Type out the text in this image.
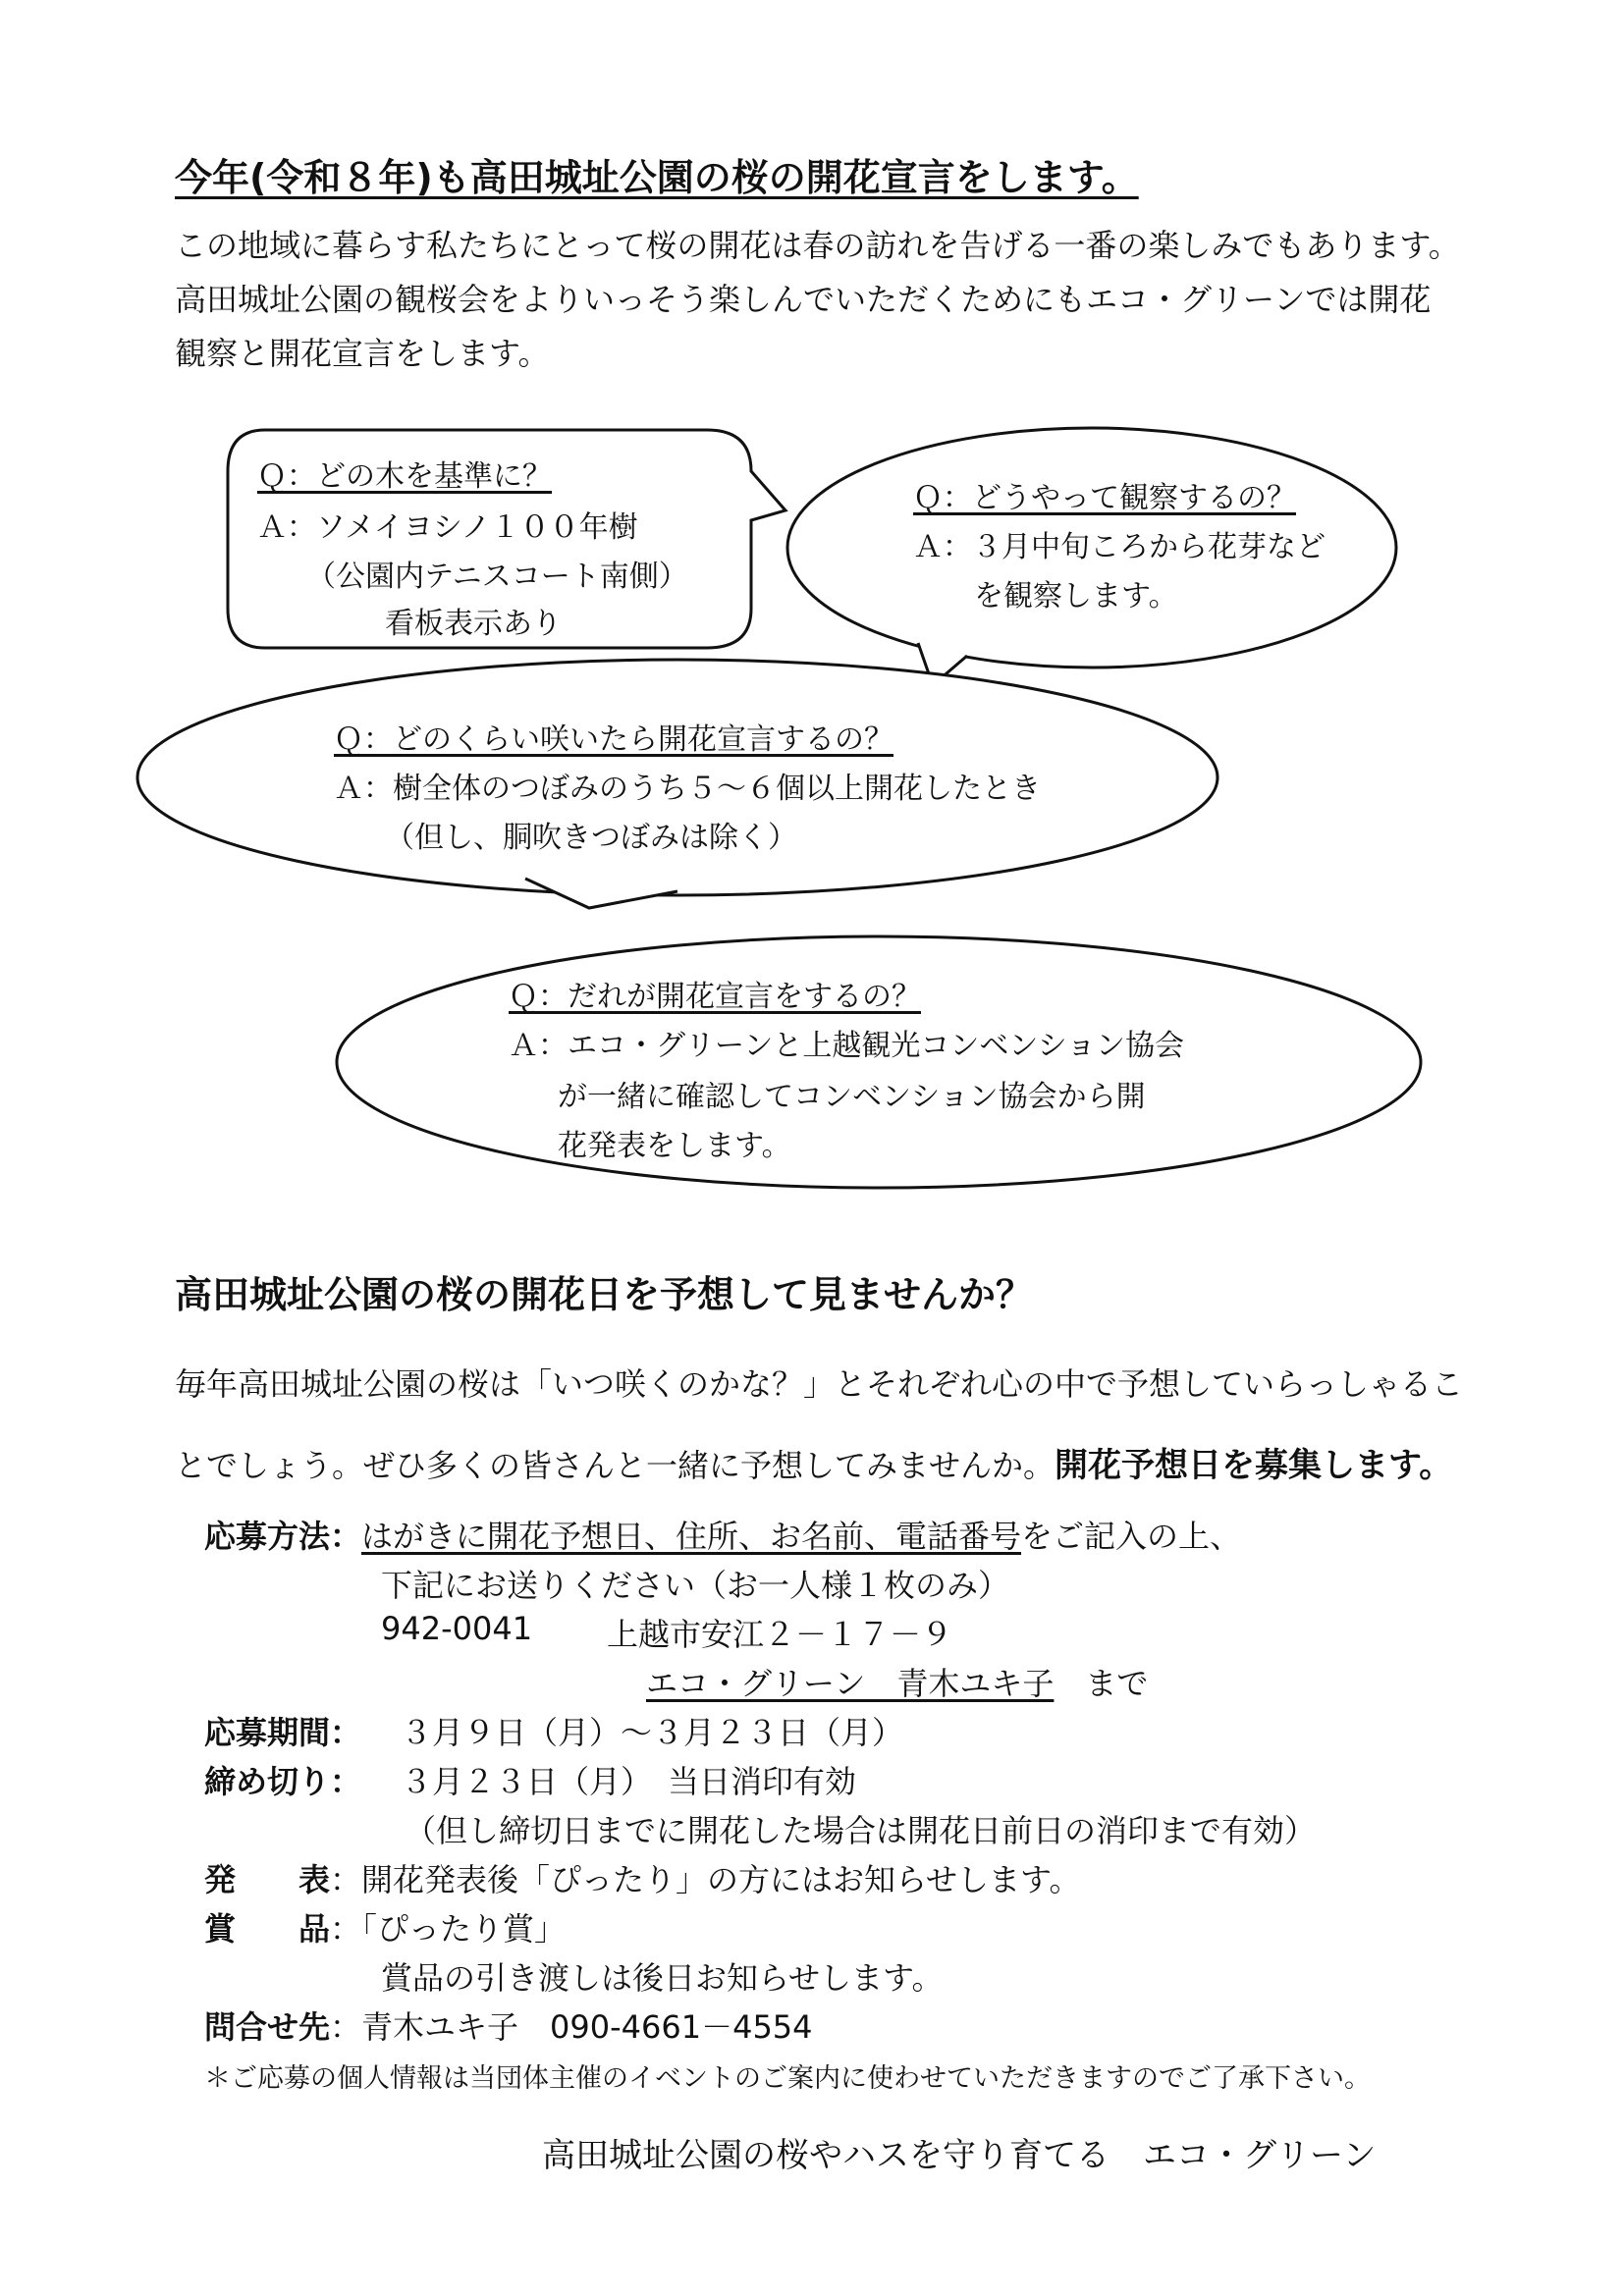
今年(令和８年)も高田城址公園の桜の開花宣言をします。
この地域に暮らす私たちにとって桜の開花は春の訪れを告げる一番の楽しみでもあります。
高田城址公園の観桜会をよりいっそう楽しんでいただくためにもエコ・グリーンでは開花
観察と開花宣言をします。
Ｑ：どの木を基準に？
Ａ：ソメイヨシノ１００年樹
（公園内テニスコート南側）
看板表示あり
Ｑ：どうやって観察するの？
Ａ：３月中旬ころから花芽など
を観察します。
Ｑ：どのくらい咲いたら開花宣言するの？
Ａ：樹全体のつぼみのうち５～６個以上開花したとき
（但し、胴吹きつぼみは除く）
Ｑ：だれが開花宣言をするの？
Ａ：エコ・グリーンと上越観光コンベンション協会
が一緒に確認してコンベンション協会から開
花発表をします。
高田城址公園の桜の開花日を予想して見ませんか？
毎年高田城址公園の桜は「いつ咲くのかな？」とそれぞれ心の中で予想していらっしゃるこ
とでしょう。ぜひ多くの皆さんと一緒に予想してみませんか。開花予想日を募集します。
応募方法：はがきに開花予想日、住所、お名前、電話番号をご記入の上、
下記にお送りください（お一人様１枚のみ）
942-0041 上越市安江２－１７－９
エコ・グリーン　青木ユキ子　 まで
応募期間： ３月９日（月）～３月２３日（月）
締め切り： ３月２３日（月）　当日消印有効
（但し締切日までに開花した場合は開花日前日の消印まで有効）
発　　表：開花発表後「ぴったり」の方にはお知らせします。
賞　　品：「ぴったり賞」
賞品の引き渡しは後日お知らせします。
問合せ先：青木ユキ子　090-4661－4554
＊ご応募の個人情報は当団体主催のイベントのご案内に使わせていただきますのでご了承下さい。
高田城址公園の桜やハスを守り育てる　エコ・グリーン
